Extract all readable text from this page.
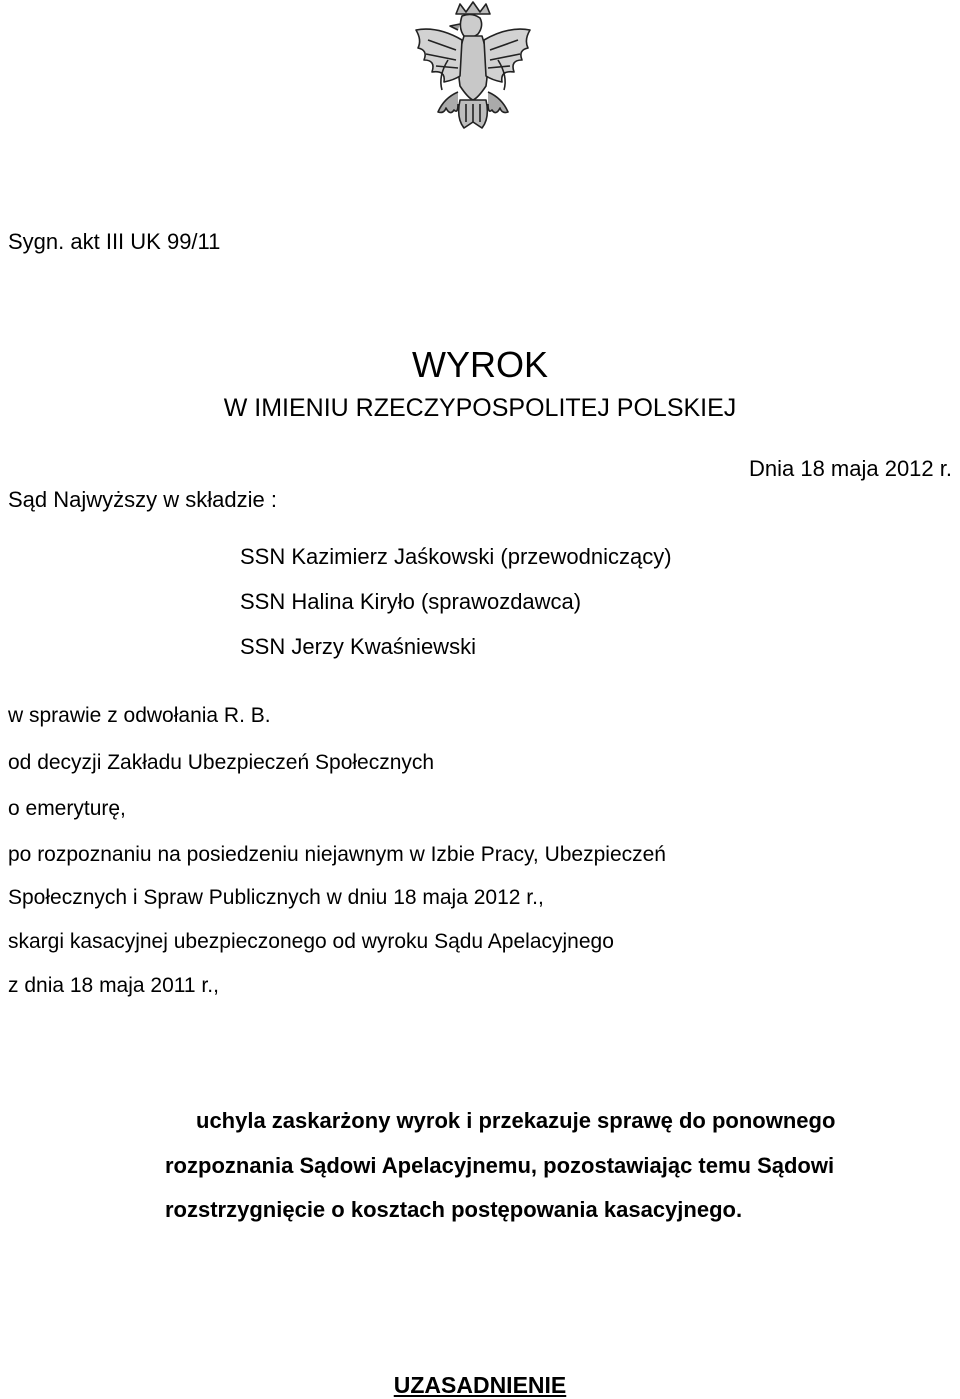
Sygn. akt III UK 99/11
WYROK
W IMIENIU RZECZYPOSPOLITEJ POLSKIEJ
Dnia 18 maja 2012 r.
Sąd Najwyższy w składzie :
SSN Kazimierz Jaśkowski (przewodniczący)
SSN Halina Kiryło (sprawozdawca)
SSN Jerzy Kwaśniewski
w sprawie z odwołania R. B.
od decyzji Zakładu Ubezpieczeń Społecznych
o emeryturę,
po rozpoznaniu na posiedzeniu niejawnym w Izbie Pracy, Ubezpieczeń
Społecznych i Spraw Publicznych w dniu 18 maja 2012 r.,
skargi kasacyjnej ubezpieczonego od wyroku Sądu Apelacyjnego
z dnia 18 maja 2011 r.,
uchyla zaskarżony wyrok i przekazuje sprawę do ponownego
rozpoznania Sądowi Apelacyjnemu, pozostawiając temu Sądowi
rozstrzygnięcie o kosztach postępowania kasacyjnego.
UZASADNIENIE
